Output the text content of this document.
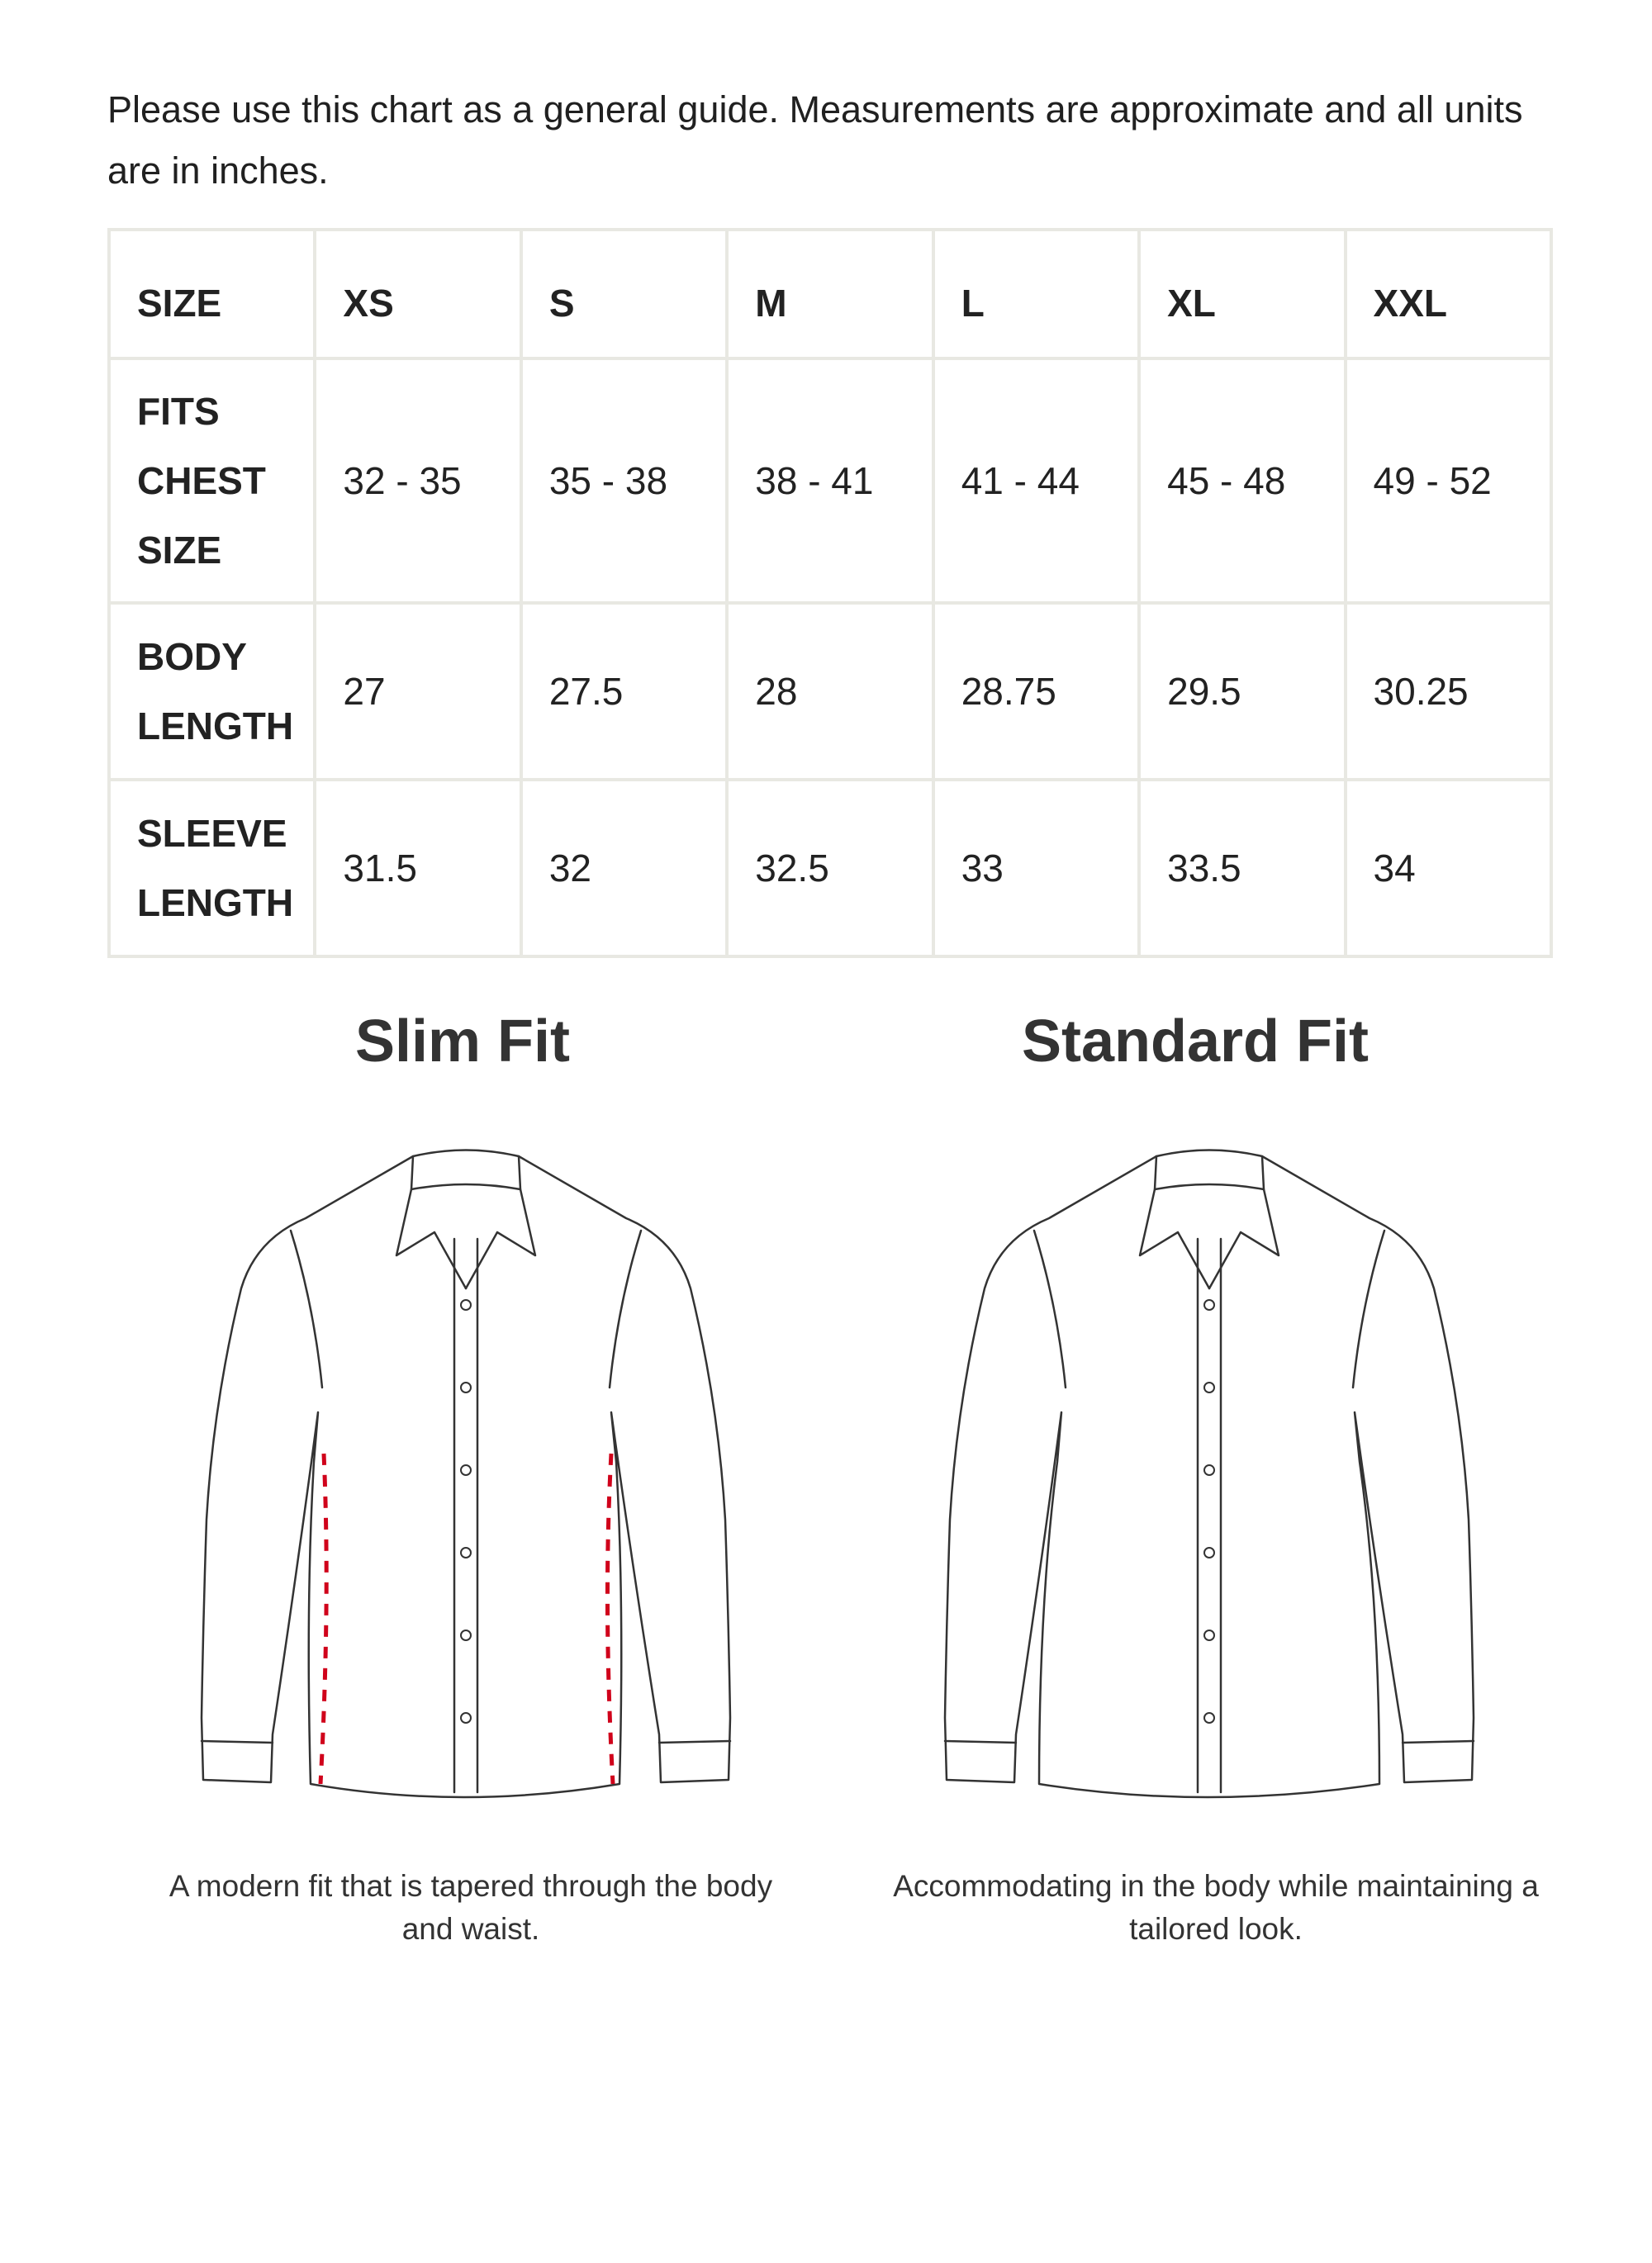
Please use this chart as a general guide. Measurements are approximate and all units are in inches.

SIZE	XS	S	M	L	XL	XXL

FITS
CHEST
SIZE	32 - 35	35 - 38	38 - 41	41 - 44	45 - 48	49 - 52

BODY
LENGTH	27	27.5	28	28.75	29.5	30.25

SLEEVE
LENGTH	31.5	32	32.5	33	33.5	34
Slim Fit	Standard Fit

A modern fit that is tapered through the body and waist.

Accommodating in the body while maintaining a tailored look.
